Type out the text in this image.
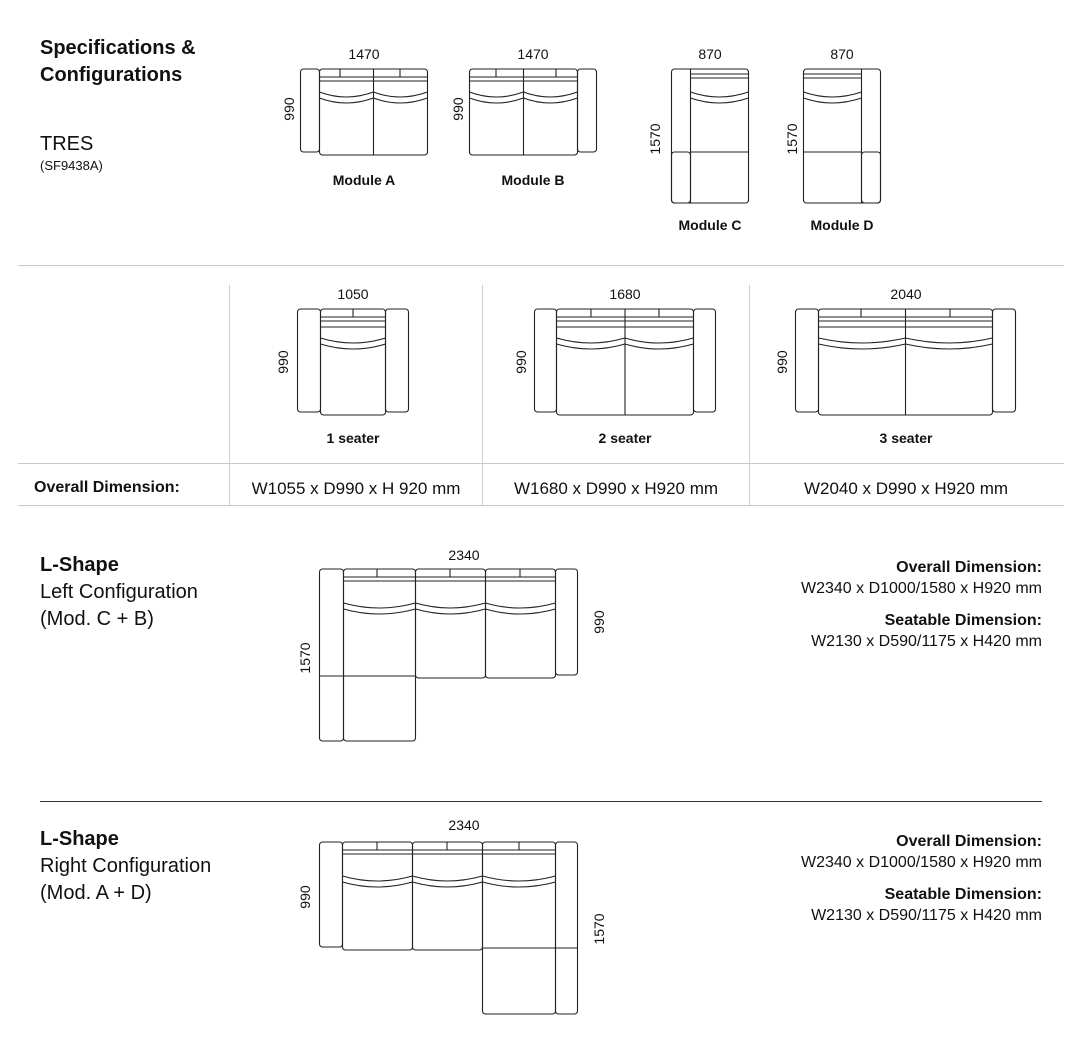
Specifications &
Configurations
TRES
(SF9438A)
1470
990
Module A
1470
990
Module B
870
1570
Module C
870
1570
Module D
1050
990
1 seater
1680
990
2 seater
2040
990
3 seater
Overall Dimension:	W1055 x D990 x H 920 mm	W1680 x D990 x H920 mm	W2040 x D990 x H920 mm
L-Shape
Left Configuration
(Mod. C + B)
2340
1570
990
Overall Dimension:
W2340 x D1000/1580 x H920 mm
Seatable Dimension:
W2130 x D590/1175 x H420 mm
L-Shape
Right Configuration
(Mod. A + D)
2340
990
1570
Overall Dimension:
W2340 x D1000/1580 x H920 mm
Seatable Dimension:
W2130 x D590/1175 x H420 mm
